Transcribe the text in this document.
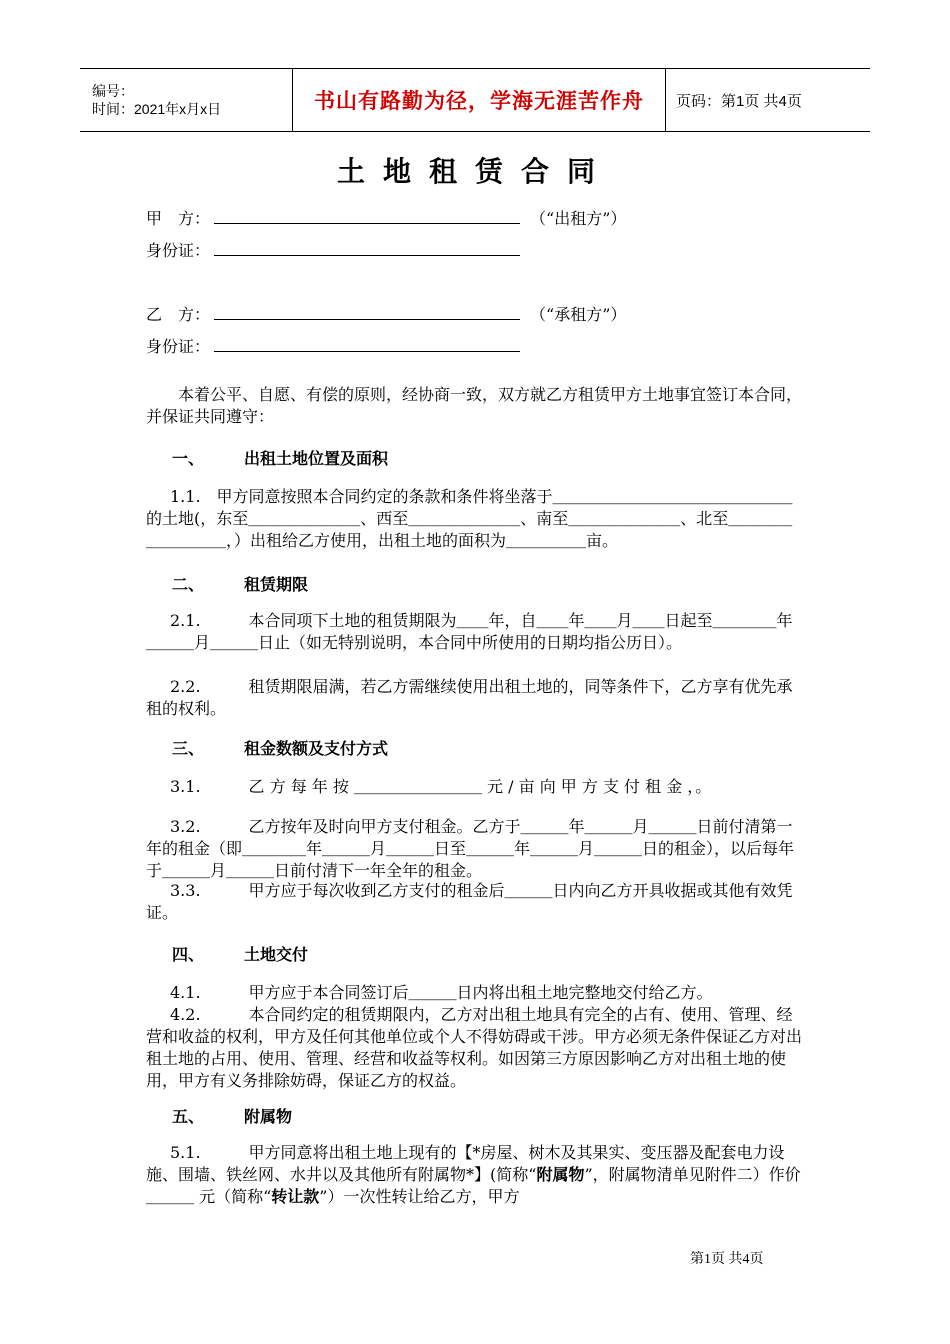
编号：
时间：2021年x月x日	书山有路勤为径，学海无涯苦作舟 页码：第1页 共4页
土地租赁合同
甲　方：	（“出租方”）
身份证：
乙　方：	（“承租方”）
身份证：
本着公平、自愿、有偿的原则，经协商一致，双方就乙方租赁甲方土地事宜签订本合同，并保证共同遵守：
一、 出租土地位置及面积
1.1.　甲方同意按照本合同约定的条款和条件将坐落于＿＿＿＿＿＿＿＿＿＿＿＿＿＿＿的土地(，东至＿＿＿＿＿＿＿、西至＿＿＿＿＿＿＿、南至＿＿＿＿＿＿＿、北至＿＿＿＿＿＿＿＿＿，）出租给乙方使用，出租土地的面积为＿＿＿＿＿亩。
二、 租赁期限
2.1.　　　本合同项下土地的租赁期限为＿＿年，自＿＿年＿＿月＿＿日起至＿＿＿＿年＿＿＿月＿＿＿日止（如无特别说明，本合同中所使用的日期均指公历日）。
2.2.　　　租赁期限届满，若乙方需继续使用出租土地的，同等条件下，乙方享有优先承租的权利。
三、 租金数额及支付方式
3.1.　　　乙 方 每 年 按 ＿＿＿＿＿＿＿＿ 元 / 亩 向 甲 方 支 付 租 金 ，。
3.2.　　　乙方按年及时向甲方支付租金。乙方于＿＿＿年＿＿＿月＿＿＿日前付清第一年的租金（即＿＿＿＿年＿＿＿月＿＿＿日至＿＿＿年＿＿＿月＿＿＿日的租金），以后每年于＿＿＿月＿＿＿日前付清下一年全年的租金。
3.3.　　　甲方应于每次收到乙方支付的租金后＿＿＿日内向乙方开具收据或其他有效凭证。
四、 土地交付
4.1.　　　甲方应于本合同签订后＿＿＿日内将出租土地完整地交付给乙方。
4.2.　　　本合同约定的租赁期限内，乙方对出租土地具有完全的占有、使用、管理、经营和收益的权利，甲方及任何其他单位或个人不得妨碍或干涉。甲方必须无条件保证乙方对出租土地的占用、使用、管理、经营和收益等权利。如因第三方原因影响乙方对出租土地的使用，甲方有义务排除妨碍，保证乙方的权益。
五、 附属物
5.1.　　　甲方同意将出租土地上现有的【*房屋、树木及其果实、变压器及配套电力设施、围墙、铁丝网、水井以及其他所有附属物*】(简称“附属物”，附属物清单见附件二）作价＿＿＿ 元（简称“转让款”）一次性转让给乙方，甲方
第1页 共4页
